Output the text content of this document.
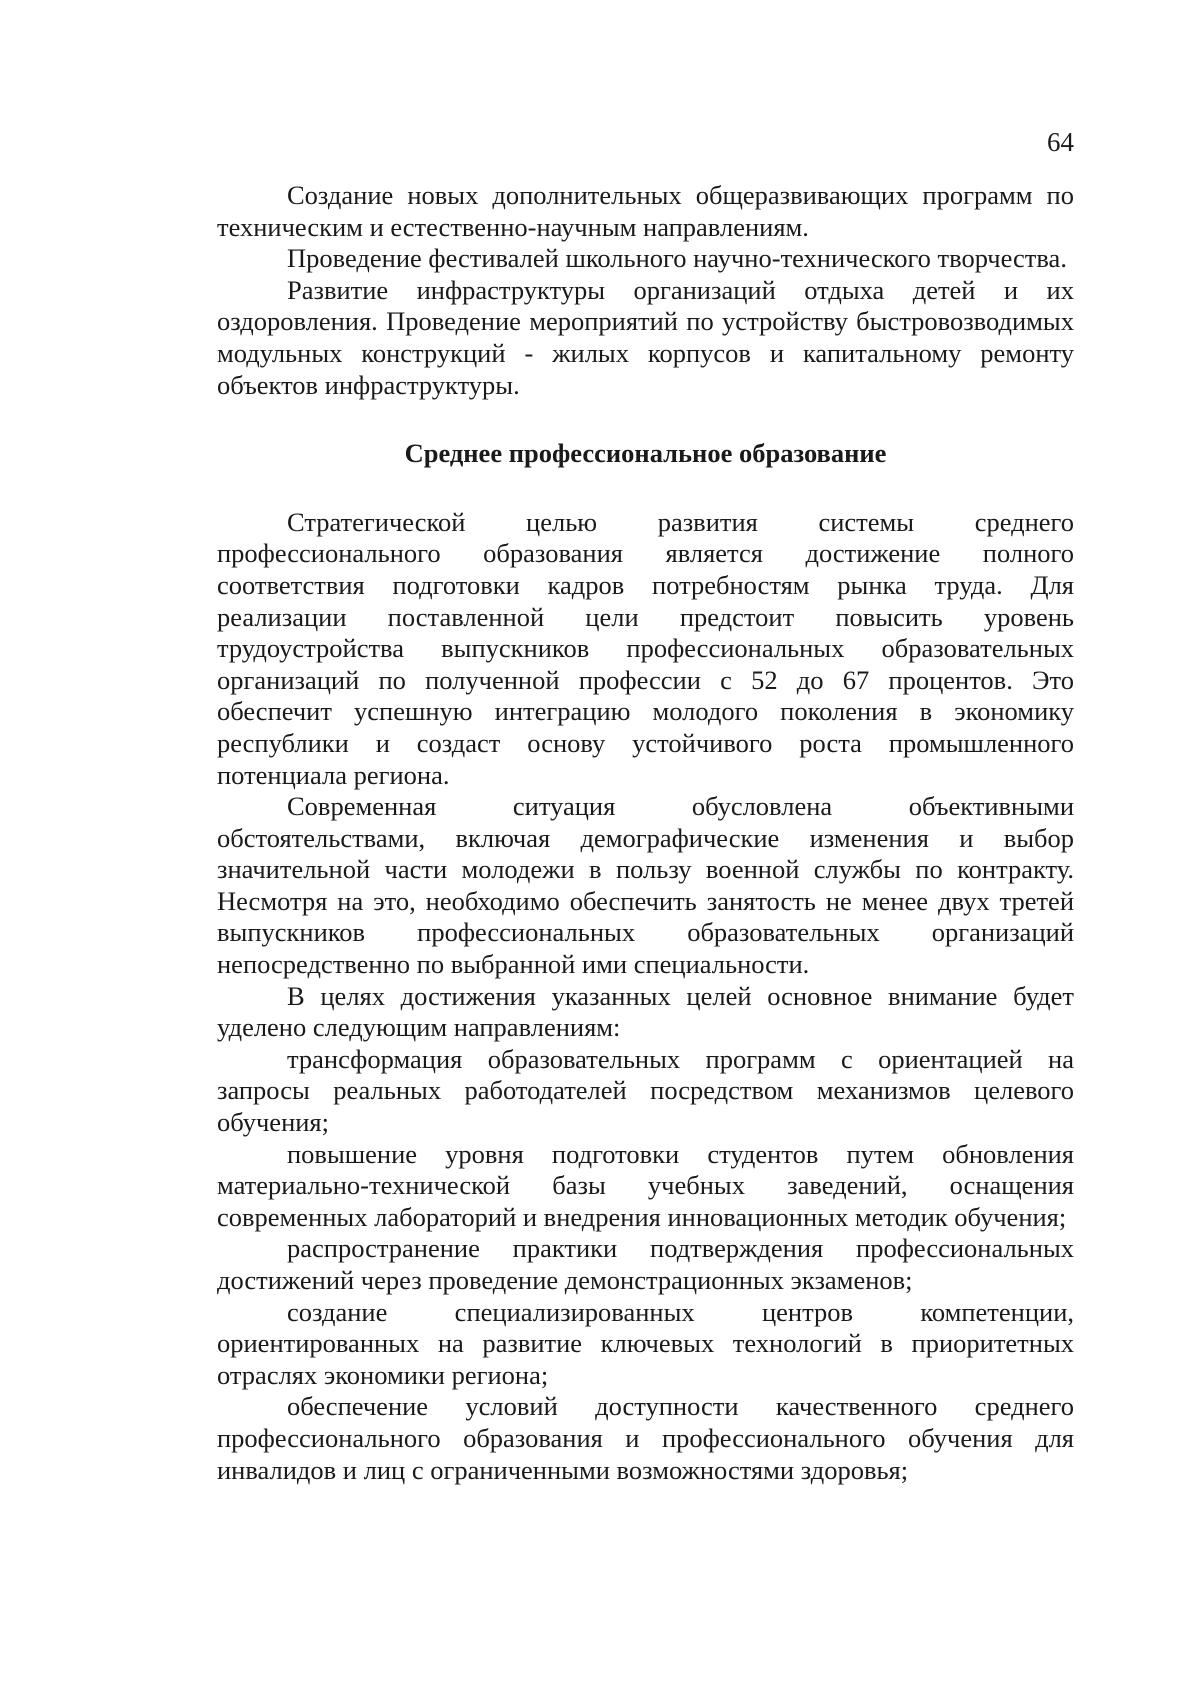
64

Создание новых дополнительных общеразвивающих программ по техническим и естественно-научным направлениям.

Проведение фестивалей школьного научно-технического творчества.

Развитие инфраструктуры организаций отдыха детей и их оздоровления. Проведение мероприятий по устройству быстровозводимых модульных конструкций - жилых корпусов и капитальному ремонту объектов инфраструктуры.

Среднее профессиональное образование

Стратегической целью развития системы среднего профессионального образования является достижение полного соответствия подготовки кадров потребностям рынка труда. Для реализации поставленной цели предстоит повысить уровень трудоустройства выпускников профессиональных образовательных организаций по полученной профессии с 52 до 67 процентов. Это обеспечит успешную интеграцию молодого поколения в экономику республики и создаст основу устойчивого роста промышленного потенциала региона.

Современная ситуация обусловлена объективными обстоятельствами, включая демографические изменения и выбор значительной части молодежи в пользу военной службы по контракту. Несмотря на это, необходимо обеспечить занятость не менее двух третей выпускников профессиональных образовательных организаций непосредственно по выбранной ими специальности.

В целях достижения указанных целей основное внимание будет уделено следующим направлениям:

трансформация образовательных программ с ориентацией на запросы реальных работодателей посредством механизмов целевого обучения;

повышение уровня подготовки студентов путем обновления материально-технической базы учебных заведений, оснащения современных лабораторий и внедрения инновационных методик обучения;

распространение практики подтверждения профессиональных достижений через проведение демонстрационных экзаменов;

создание специализированных центров компетенции, ориентированных на развитие ключевых технологий в приоритетных отраслях экономики региона;

обеспечение условий доступности качественного среднего профессионального образования и профессионального обучения для инвалидов и лиц с ограниченными возможностями здоровья;
